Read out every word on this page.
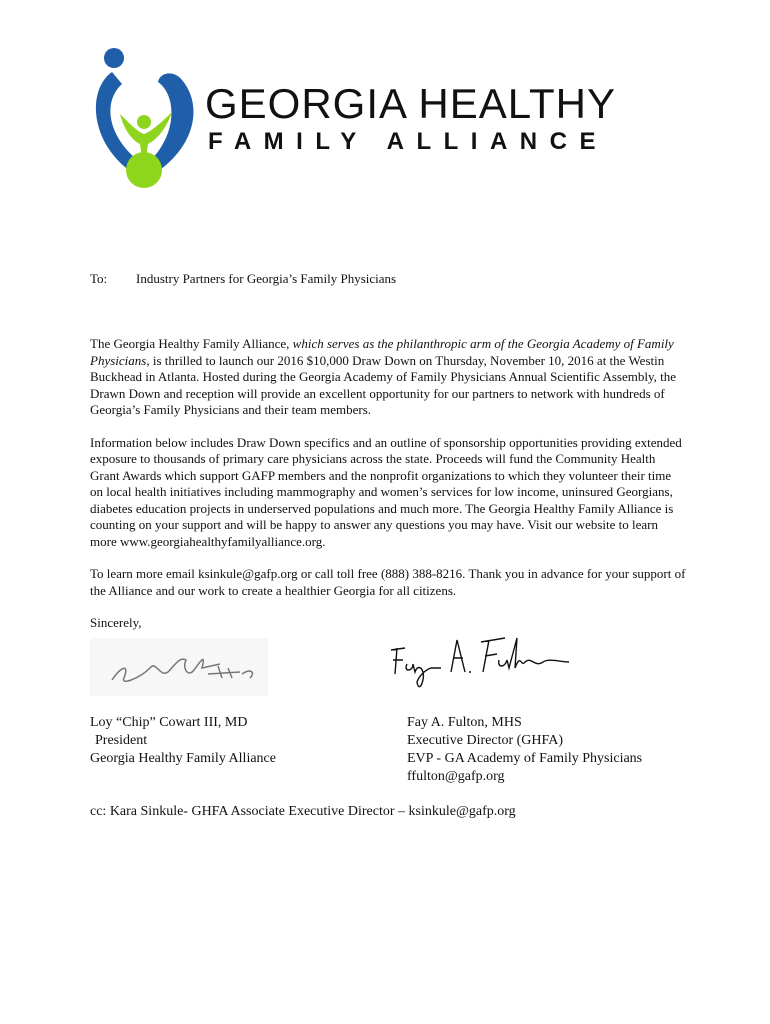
GEORGIA HEALTHY
FAMILY ALLIANCE
To:	Industry Partners for Georgia’s Family Physicians

The Georgia Healthy Family Alliance, which serves as the philanthropic arm of the Georgia Academy of Family Physicians, is thrilled to launch our 2016 $10,000 Draw Down on Thursday, November 10, 2016 at the Westin Buckhead in Atlanta. Hosted during the Georgia Academy of Family Physicians Annual Scientific Assembly, the Drawn Down and reception will provide an excellent opportunity for our partners to network with hundreds of Georgia’s Family Physicians and their team members.

Information below includes Draw Down specifics and an outline of sponsorship opportunities providing extended exposure to thousands of primary care physicians across the state. Proceeds will fund the Community Health Grant Awards which support GAFP members and the nonprofit organizations to which they volunteer their time on local health initiatives including mammography and women’s services for low income, uninsured Georgians, diabetes education projects in underserved populations and much more. The Georgia Healthy Family Alliance is counting on your support and will be happy to answer any questions you may have. Visit our website to learn more www.georgiahealthyfamilyalliance.org.

To learn more email ksinkule@gafp.org or call toll free (888) 388-8216. Thank you in advance for your support of the Alliance and our work to create a healthier Georgia for all citizens.

Sincerely,

Loy “Chip” Cowart III, MD
President
Georgia Healthy Family Alliance
Fay A. Fulton, MHS
Executive Director (GHFA)
EVP - GA Academy of Family Physicians
ffulton@gafp.org
cc: Kara Sinkule- GHFA Associate Executive Director – ksinkule@gafp.org
